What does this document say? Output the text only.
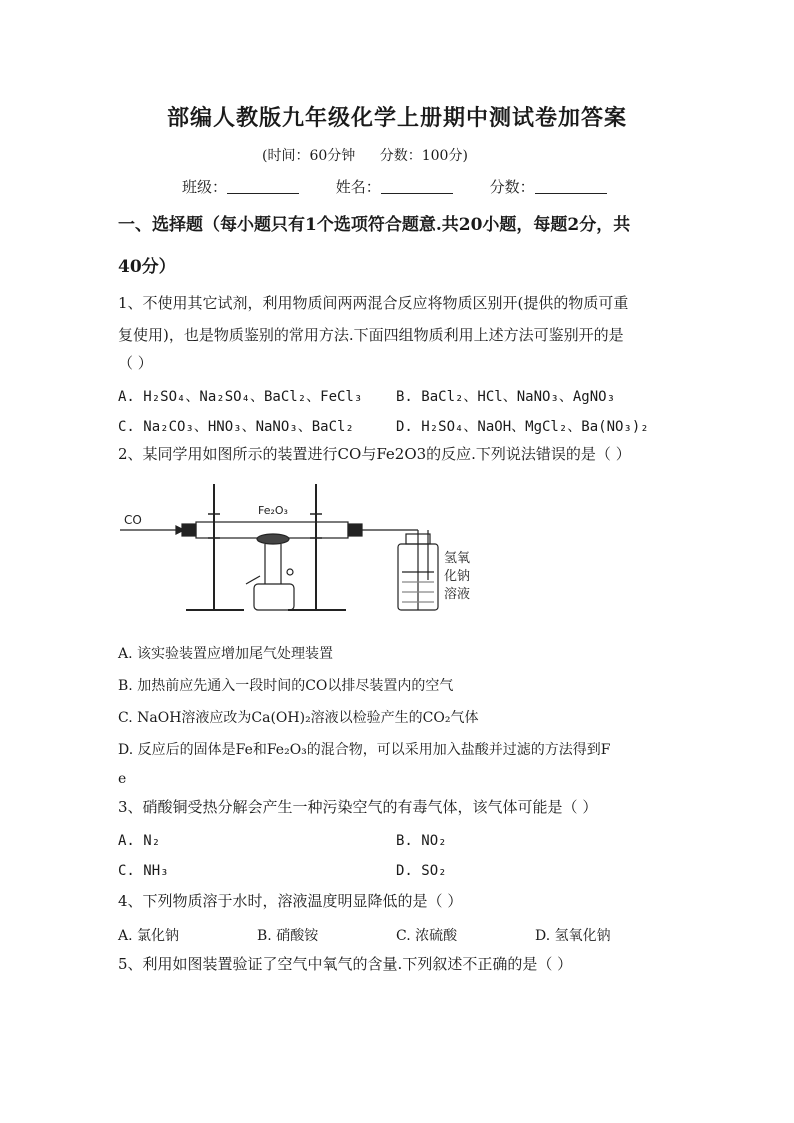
部编人教版九年级化学上册期中测试卷加答案
(时间：60分钟 分数：100分)
班级：	姓名：	分数：
一、选择题（每小题只有1个选项符合题意.共20小题，每题2分，共
40分）
1、不使用其它试剂，利用物质间两两混合反应将物质区别开(提供的物质可重
复使用)，也是物质鉴别的常用方法.下面四组物质利用上述方法可鉴别开的是
（ ）
A. H₂SO₄、Na₂SO₄、BaCl₂、FeCl₃ B. BaCl₂、HCl、NaNO₃、AgNO₃
C. Na₂CO₃、HNO₃、NaNO₃、BaCl₂	D. H₂SO₄、NaOH、MgCl₂、Ba(NO₃)₂
2、某同学用如图所示的装置进行CO与Fe2O3的反应.下列说法错误的是（ ）
CO
Fe₂O₃
氢氧
化钠
溶液
A. 该实验装置应增加尾气处理装置
B. 加热前应先通入一段时间的CO以排尽装置内的空气
C. NaOH溶液应改为Ca(OH)₂溶液以检验产生的CO₂气体
D. 反应后的固体是Fe和Fe₂O₃的混合物，可以采用加入盐酸并过滤的方法得到F
e
3、硝酸铜受热分解会产生一种污染空气的有毒气体，该气体可能是（ ）
A. N₂	B. NO₂
C. NH₃	D. SO₂
4、下列物质溶于水时，溶液温度明显降低的是（ ）
A. 氯化钠	B. 硝酸铵	C. 浓硫酸	D. 氢氧化钠
5、利用如图装置验证了空气中氧气的含量.下列叙述不正确的是（ ）
